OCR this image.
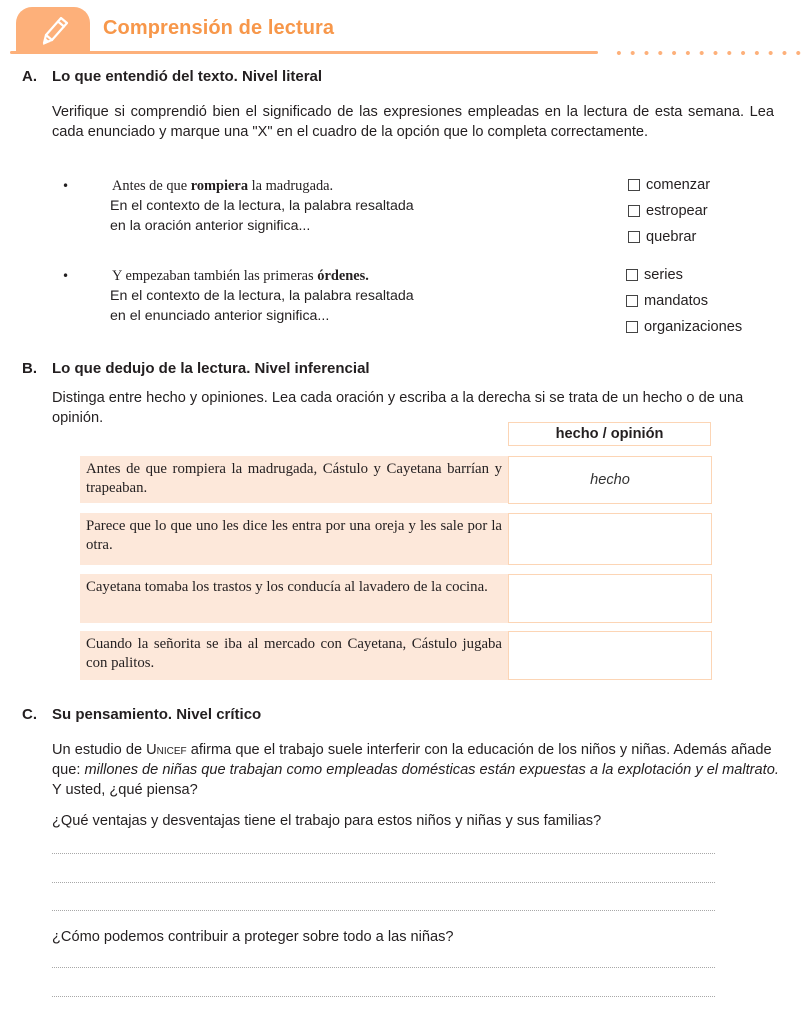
Comprensión de lectura
A. Lo que entendió del texto. Nivel literal
Verifique si comprendió bien el significado de las expresiones empleadas en la lectura de esta semana. Lea cada enunciado y marque una "X" en el cuadro de la opción que lo completa correctamente.
•	Antes de que rompiera la madrugada.
En el contexto de la lectura, la palabra resaltada
en la oración anterior significa...
comenzar
estropear
quebrar
•	Y empezaban también las primeras órdenes.
En el contexto de la lectura, la palabra resaltada
en el enunciado anterior significa...
series
mandatos
organizaciones
B. Lo que dedujo de la lectura. Nivel inferencial
Distinga entre hecho y opiniones. Lea cada oración y escriba a la derecha si se trata de un hecho o de una opinión.
hecho / opinión
Antes de que rompiera la madrugada, Cástulo y Cayetana barrían y trapeaban.	hecho
Parece que lo que uno les dice les entra por una oreja y les sale por la otra.
Cayetana tomaba los trastos y los conducía al lavadero de la cocina.
Cuando la señorita se iba al mercado con Cayetana, Cástulo jugaba con palitos.
C. Su pensamiento. Nivel crítico
Un estudio de Unicef afirma que el trabajo suele interferir con la educación de los niños y niñas. Además añade que: millones de niñas que trabajan como empleadas domésticas están expuestas a la explotación y el maltrato. Y usted, ¿qué piensa?
¿Qué ventajas y desventajas tiene el trabajo para estos niños y niñas y sus familias?
¿Cómo podemos contribuir a proteger sobre todo a las niñas?
